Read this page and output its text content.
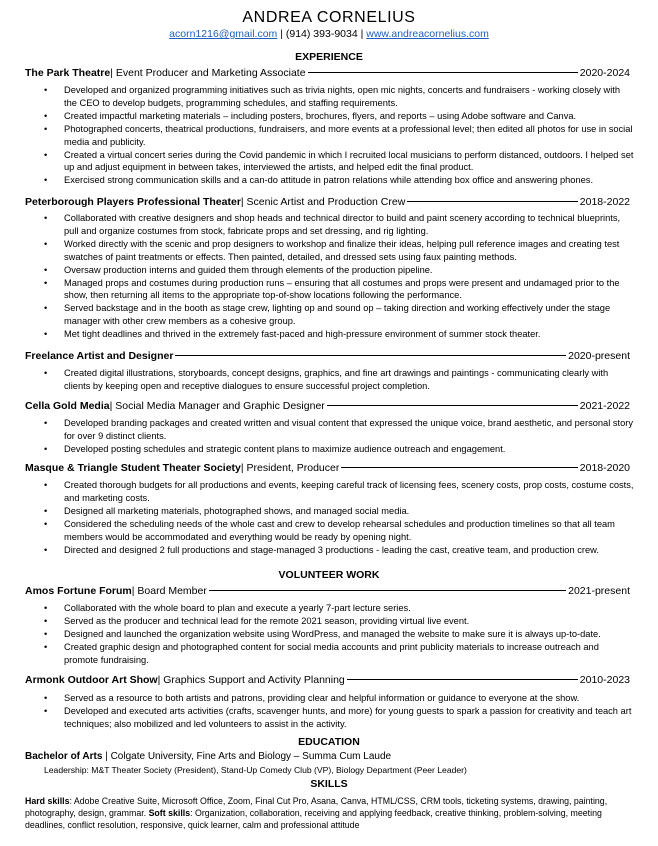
ANDREA CORNELIUS
acorn1216@gmail.com | (914) 393-9034 | www.andreacornelius.com
EXPERIENCE
The Park Theatre | Event Producer and Marketing Associate	2020-2024
• Developed and organized programming initiatives such as trivia nights, open mic nights, concerts and fundraisers - working closely with the CEO to develop budgets, programming schedules, and staffing requirements.
• Created impactful marketing materials – including posters, brochures, flyers, and reports – using Adobe software and Canva.
• Photographed concerts, theatrical productions, fundraisers, and more events at a professional level; then edited all photos for use in social media and publicity.
• Created a virtual concert series during the Covid pandemic in which I recruited local musicians to perform distanced, outdoors. I helped set up and adjust equipment in between takes, interviewed the artists, and helped edit the final product.
• Exercised strong communication skills and a can-do attitude in patron relations while attending box office and answering phones.
Peterborough Players Professional Theater | Scenic Artist and Production Crew	2018-2022
• Collaborated with creative designers and shop heads and technical director to build and paint scenery according to technical blueprints, pull and organize costumes from stock, fabricate props and set dressing, and rig lighting.
• Worked directly with the scenic and prop designers to workshop and finalize their ideas, helping pull reference images and creating test swatches of paint treatments or effects. Then painted, detailed, and dressed sets using faux painting methods.
• Oversaw production interns and guided them through elements of the production pipeline.
• Managed props and costumes during production runs – ensuring that all costumes and props were present and undamaged prior to the show, then returning all items to the appropriate top-of-show locations following the performance.
• Served backstage and in the booth as stage crew, lighting op and sound op – taking direction and working effectively under the stage manager with other crew members as a cohesive group.
• Met tight deadlines and thrived in the extremely fast-paced and high-pressure environment of summer stock theater.
Freelance Artist and Designer	2020-present
• Created digital illustrations, storyboards, concept designs, graphics, and fine art drawings and paintings - communicating clearly with clients by keeping open and receptive dialogues to ensure successful project completion.
Cella Gold Media | Social Media Manager and Graphic Designer	2021-2022
• Developed branding packages and created written and visual content that expressed the unique voice, brand aesthetic, and personal story for over 9 distinct clients.
• Developed posting schedules and strategic content plans to maximize audience outreach and engagement.
Masque & Triangle Student Theater Society | President, Producer	2018-2020
• Created thorough budgets for all productions and events, keeping careful track of licensing fees, scenery costs, prop costs, costume costs, and marketing costs.
• Designed all marketing materials, photographed shows, and managed social media.
• Considered the scheduling needs of the whole cast and crew to develop rehearsal schedules and production timelines so that all team members would be accommodated and everything would be ready by opening night.
• Directed and designed 2 full productions and stage-managed 3 productions - leading the cast, creative team, and production crew.
VOLUNTEER WORK
Amos Fortune Forum | Board Member	2021-present
• Collaborated with the whole board to plan and execute a yearly 7-part lecture series.
• Served as the producer and technical lead for the remote 2021 season, providing virtual live event.
• Designed and launched the organization website using WordPress, and managed the website to make sure it is always up-to-date.
• Created graphic design and photographed content for social media accounts and print publicity materials to increase outreach and promote fundraising.
Armonk Outdoor Art Show | Graphics Support and Activity Planning	2010-2023
• Served as a resource to both artists and patrons, providing clear and helpful information or guidance to everyone at the show.
• Developed and executed arts activities (crafts, scavenger hunts, and more) for young guests to spark a passion for creativity and teach art techniques; also mobilized and led volunteers to assist in the activity.
EDUCATION
Bachelor of Arts | Colgate University, Fine Arts and Biology – Summa Cum Laude
Leadership: M&T Theater Society (President), Stand-Up Comedy Club (VP), Biology Department (Peer Leader)
SKILLS
Hard skills: Adobe Creative Suite, Microsoft Office, Zoom, Final Cut Pro, Asana, Canva, HTML/CSS, CRM tools, ticketing systems, drawing, painting, photography, design, grammar. Soft skills: Organization, collaboration, receiving and applying feedback, creative thinking, problem-solving, meeting deadlines, conflict resolution, responsive, quick learner, calm and professional attitude
